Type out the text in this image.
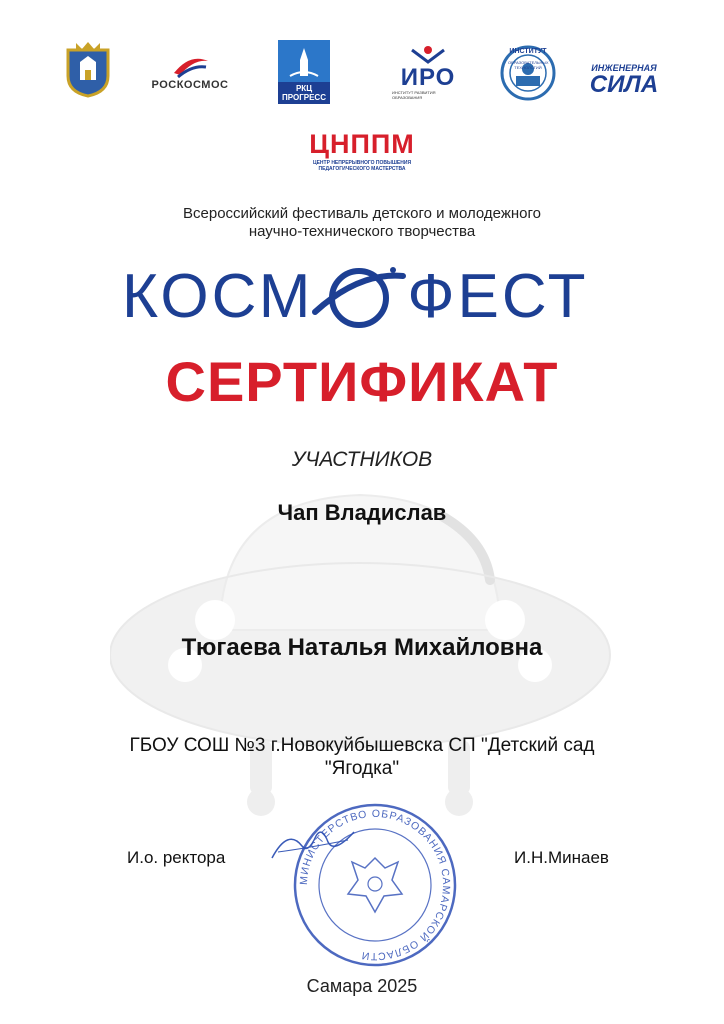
РОСКОСМОС	РКЦ ПРОГРЕСС
ИРО
ИНСТИТУТ РАЗВИТИЯ ОБРАЗОВАНИЯ
ИНСТИТУТ
ОБРАЗОВАТЕЛЬНЫХ ТЕХНОЛОГИЙ	ИНЖЕНЕРНАЯ
СИЛА
ЦНППМ
ЦЕНТР НЕПРЕРЫВНОГО ПОВЫШЕНИЯ
ПЕДАГОГИЧЕСКОГО МАСТЕРСТВА
Всероссийский фестиваль детского и молодежного
научно-технического творчества
КОСМ ФЕСТ
СЕРТИФИКАТ
УЧАСТНИКОВ
Чап Владислав
Тюгаева Наталья Михайловна
ГБОУ СОШ №3 г.Новокуйбышевска СП "Детский сад
"Ягодка"
И.о. ректора	И.Н.Минаев
МИНИСТЕРСТВО ОБРАЗОВАНИЯ САМАРСКОЙ ОБЛАСТИ
Самара 2025
